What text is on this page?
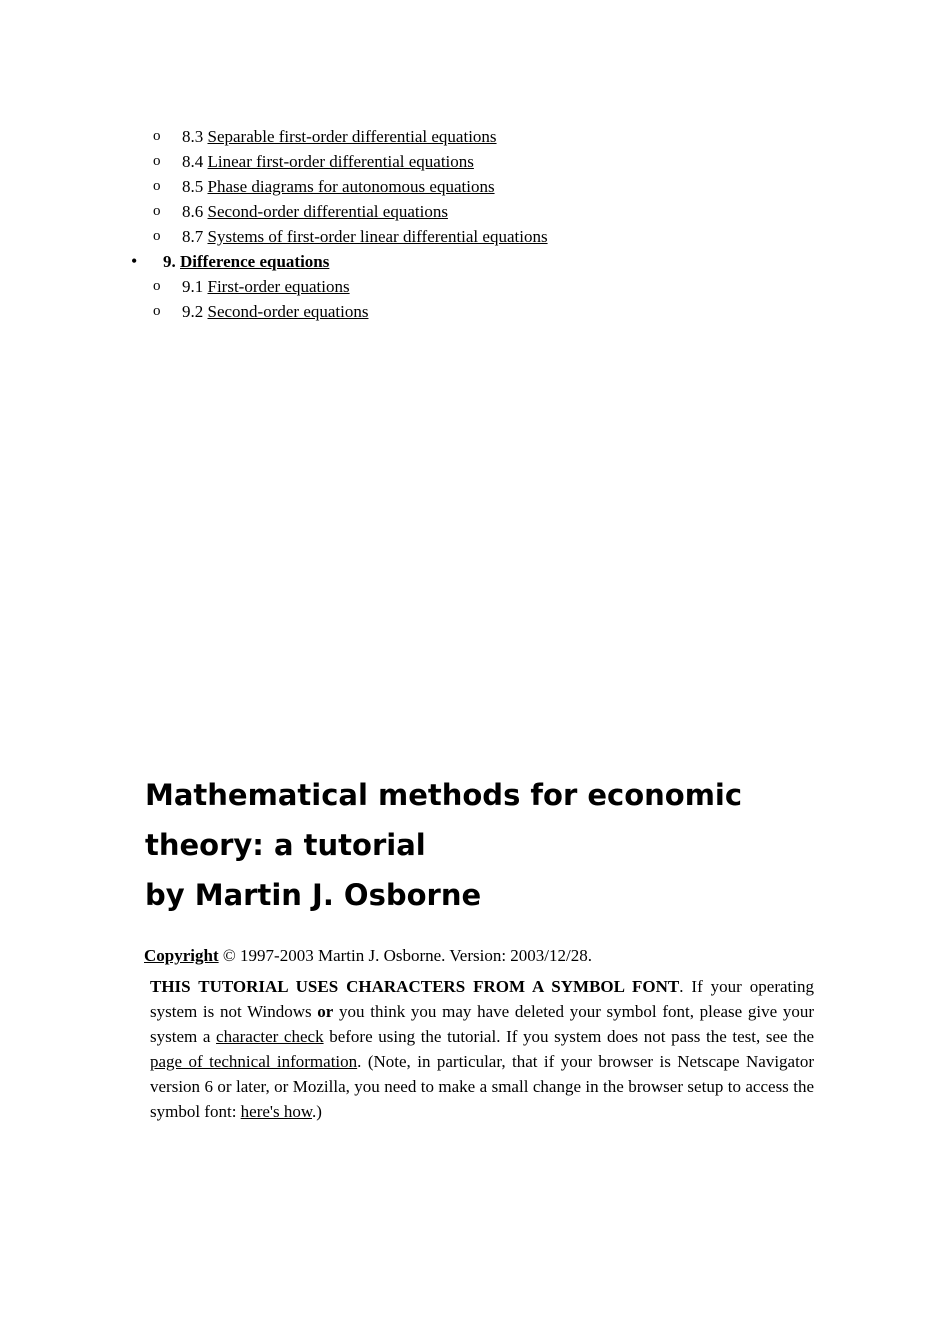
o 8.3 Separable first-order differential equations
o 8.4 Linear first-order differential equations
o 8.5 Phase diagrams for autonomous equations
o 8.6 Second-order differential equations
o 8.7 Systems of first-order linear differential equations
• 9. Difference equations
o 9.1 First-order equations
o 9.2 Second-order equations
Mathematical methods for economic
theory: a tutorial
by Martin J. Osborne
Copyright © 1997-2003 Martin J. Osborne. Version: 2003/12/28.
THIS TUTORIAL USES CHARACTERS FROM A SYMBOL FONT. If your operating system is not Windows or you think you may have deleted your symbol font, please give your system a character check before using the tutorial. If you system does not pass the test, see the page of technical information. (Note, in particular, that if your browser is Netscape Navigator version 6 or later, or Mozilla, you need to make a small change in the browser setup to access the symbol font: here's how.)
